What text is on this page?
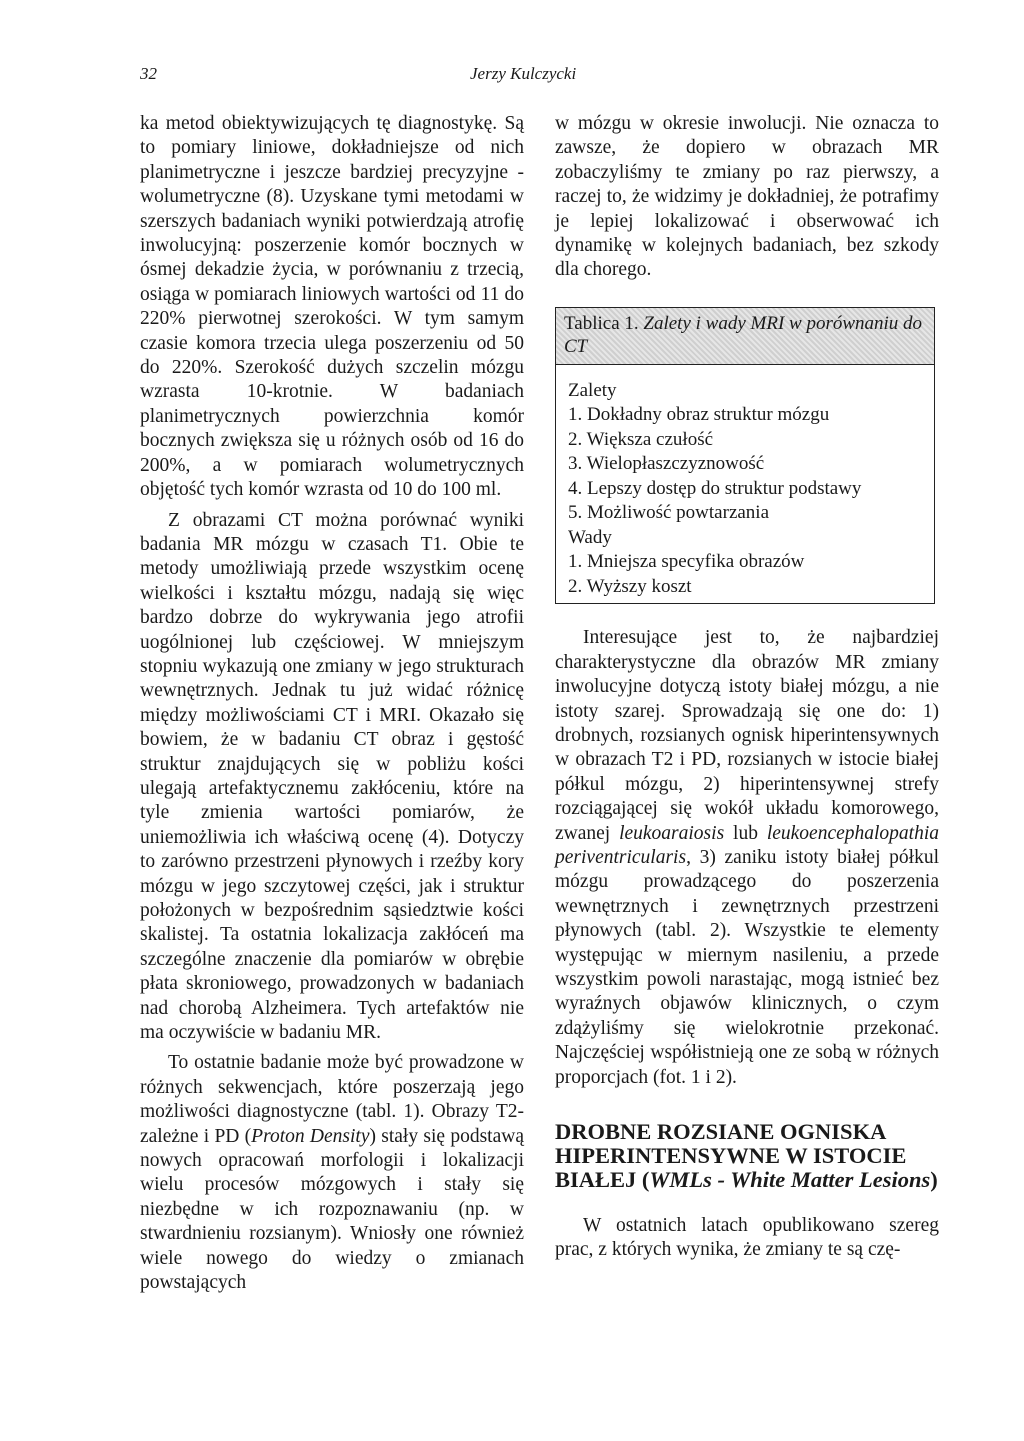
32	Jerzy Kulczycki

ka metod obiektywizujących tę diagnostykę. Są to pomiary liniowe, dokładniejsze od nich planimetryczne i jeszcze bardziej precyzyjne - wolumetryczne (8). Uzyskane tymi metodami w szerszych badaniach wyniki potwierdzają atrofię inwolucyjną: poszerzenie komór bocznych w ósmej dekadzie życia, w porównaniu z trzecią, osiąga w pomiarach liniowych wartości od 11 do 220% pierwotnej szerokości. W tym samym czasie komora trzecia ulega poszerzeniu od 50 do 220%. Szerokość dużych szczelin mózgu wzrasta 10-krotnie. W badaniach planimetrycznych powierzchnia komór bocznych zwiększa się u różnych osób od 16 do 200%, a w pomiarach wolumetrycznych objętość tych komór wzrasta od 10 do 100 ml.

Z obrazami CT można porównać wyniki badania MR mózgu w czasach T1. Obie te metody umożliwiają przede wszystkim ocenę wielkości i kształtu mózgu, nadają się więc bardzo dobrze do wykrywania jego atrofii uogólnionej lub częściowej. W mniejszym stopniu wykazują one zmiany w jego strukturach wewnętrznych. Jednak tu już widać różnicę między możliwościami CT i MRI. Okazało się bowiem, że w badaniu CT obraz i gęstość struktur znajdujących się w pobliżu kości ulegają artefaktycznemu zakłóceniu, które na tyle zmienia wartości pomiarów, że uniemożliwia ich właściwą ocenę (4). Dotyczy to zarówno przestrzeni płynowych i rzeźby kory mózgu w jego szczytowej części, jak i struktur położonych w bezpośrednim sąsiedztwie kości skalistej. Ta ostatnia lokalizacja zakłóceń ma szczególne znaczenie dla pomiarów w obrębie płata skroniowego, prowadzonych w badaniach nad chorobą Alzheimera. Tych artefaktów nie ma oczywiście w badaniu MR.

To ostatnie badanie może być prowadzone w różnych sekwencjach, które poszerzają jego możliwości diagnostyczne (tabl. 1). Obrazy T2-zależne i PD (Proton Density) stały się podstawą nowych opracowań morfologii i lokalizacji wielu procesów mózgowych i stały się niezbędne w ich rozpoznawaniu (np. w stwardnieniu rozsianym). Wniosły one również wiele nowego do wiedzy o zmianach powstających

w mózgu w okresie inwolucji. Nie oznacza to zawsze, że dopiero w obrazach MR zobaczyliśmy te zmiany po raz pierwszy, a raczej to, że widzimy je dokładniej, że potrafimy je lepiej lokalizować i obserwować ich dynamikę w kolejnych badaniach, bez szkody dla chorego.

Tablica 1. Zalety i wady MRI w porównaniu do CT
Zalety
1. Dokładny obraz struktur mózgu
2. Większa czułość
3. Wielopłaszczyznowość
4. Lepszy dostęp do struktur podstawy
5. Możliwość powtarzania
Wady
1. Mniejsza specyfika obrazów
2. Wyższy koszt

Interesujące jest to, że najbardziej charakterystyczne dla obrazów MR zmiany inwolucyjne dotyczą istoty białej mózgu, a nie istoty szarej. Sprowadzają się one do: 1) drobnych, rozsianych ognisk hiperintensywnych w obrazach T2 i PD, rozsianych w istocie białej półkul mózgu, 2) hiperintensywnej strefy rozciągającej się wokół układu komorowego, zwanej leukoaraiosis lub leukoencephalopathia periventricularis, 3) zaniku istoty białej półkul mózgu prowadzącego do poszerzenia wewnętrznych i zewnętrznych przestrzeni płynowych (tabl. 2). Wszystkie te elementy występując w miernym nasileniu, a przede wszystkim powoli narastając, mogą istnieć bez wyraźnych objawów klinicznych, o czym zdążyliśmy się wielokrotnie przekonać. Najczęściej współistnieją one ze sobą w różnych proporcjach (fot. 1 i 2).

DROBNE ROZSIANE OGNISKA HIPERINTENSYWNE W ISTOCIE BIAŁEJ (WMLs - White Matter Lesions)

W ostatnich latach opublikowano szereg prac, z których wynika, że zmiany te są czę-
